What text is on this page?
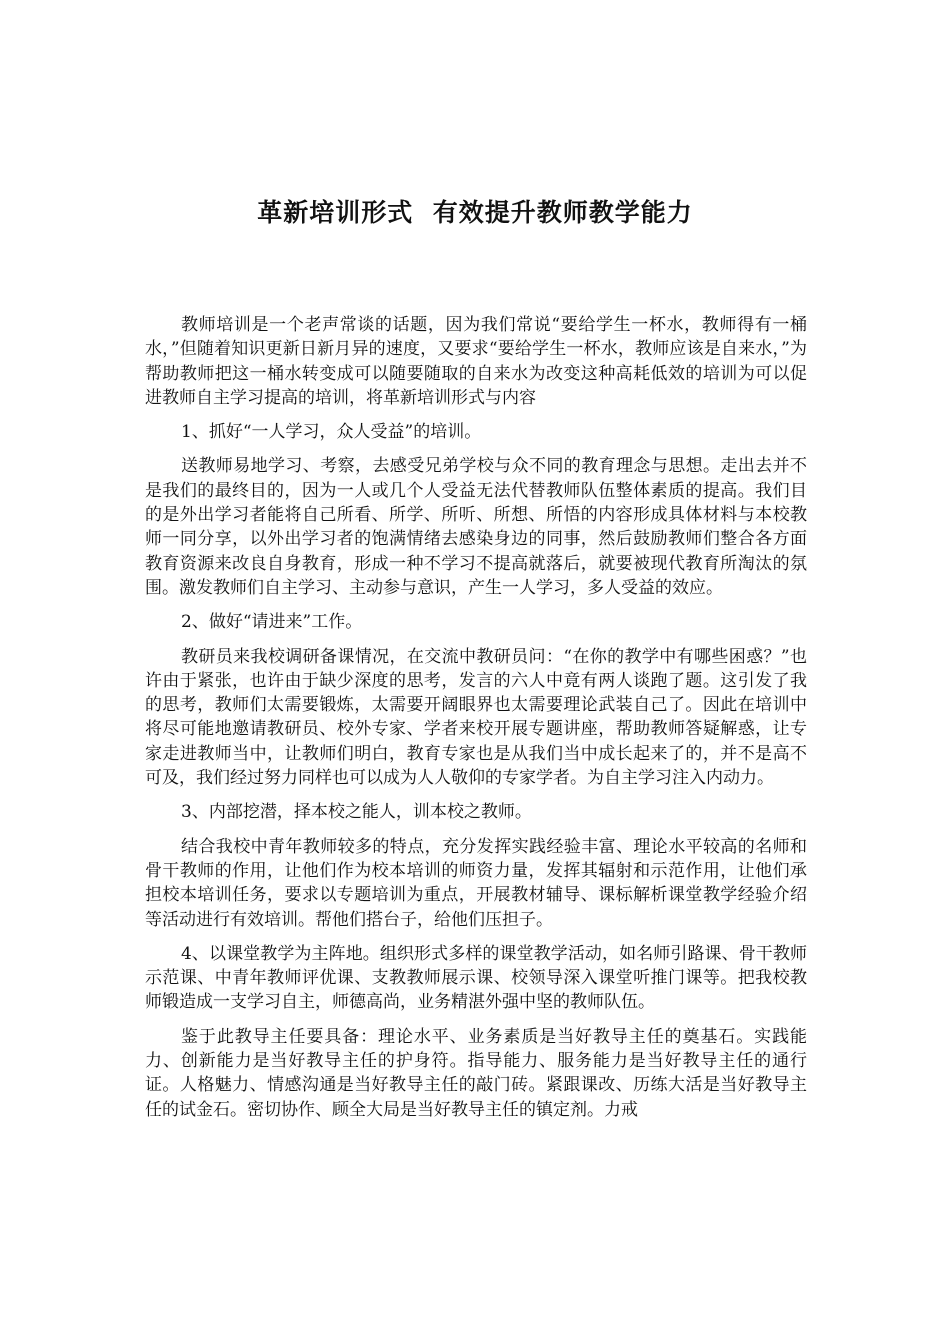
革新培训形式  有效提升教师教学能力

教师培训是一个老声常谈的话题，因为我们常说“要给学生一杯水，教师得有一桶水，”但随着知识更新日新月异的速度，又要求“要给学生一杯水，教师应该是自来水，”为帮助教师把这一桶水转变成可以随要随取的自来水为改变这种高耗低效的培训为可以促进教师自主学习提高的培训，将革新培训形式与内容

1、抓好“一人学习，众人受益”的培训。

送教师易地学习、考察，去感受兄弟学校与众不同的教育理念与思想。走出去并不是我们的最终目的，因为一人或几个人受益无法代替教师队伍整体素质的提高。我们目的是外出学习者能将自己所看、所学、所听、所想、所悟的内容形成具体材料与本校教师一同分享，以外出学习者的饱满情绪去感染身边的同事，然后鼓励教师们整合各方面教育资源来改良自身教育，形成一种不学习不提高就落后，就要被现代教育所淘汰的氛围。激发教师们自主学习、主动参与意识，产生一人学习，多人受益的效应。

2、做好“请进来”工作。

教研员来我校调研备课情况，在交流中教研员问：“在你的教学中有哪些困惑？”也许由于紧张，也许由于缺少深度的思考，发言的六人中竟有两人谈跑了题。这引发了我的思考，教师们太需要锻炼，太需要开阔眼界也太需要理论武装自己了。因此在培训中将尽可能地邀请教研员、校外专家、学者来校开展专题讲座，帮助教师答疑解惑，让专家走进教师当中，让教师们明白，教育专家也是从我们当中成长起来了的，并不是高不可及，我们经过努力同样也可以成为人人敬仰的专家学者。为自主学习注入内动力。

3、内部挖潜，择本校之能人，训本校之教师。

结合我校中青年教师较多的特点，充分发挥实践经验丰富、理论水平较高的名师和骨干教师的作用，让他们作为校本培训的师资力量，发挥其辐射和示范作用，让他们承担校本培训任务，要求以专题培训为重点，开展教材辅导、课标解析课堂教学经验介绍等活动进行有效培训。帮他们搭台子，给他们压担子。

4、以课堂教学为主阵地。组织形式多样的课堂教学活动，如名师引路课、骨干教师示范课、中青年教师评优课、支教教师展示课、校领导深入课堂听推门课等。把我校教师锻造成一支学习自主，师德高尚，业务精湛外强中坚的教师队伍。

鉴于此教导主任要具备：理论水平、业务素质是当好教导主任的奠基石。实践能力、创新能力是当好教导主任的护身符。指导能力、服务能力是当好教导主任的通行证。人格魅力、情感沟通是当好教导主任的敲门砖。紧跟课改、历练大活是当好教导主任的试金石。密切协作、顾全大局是当好教导主任的镇定剂。力戒
